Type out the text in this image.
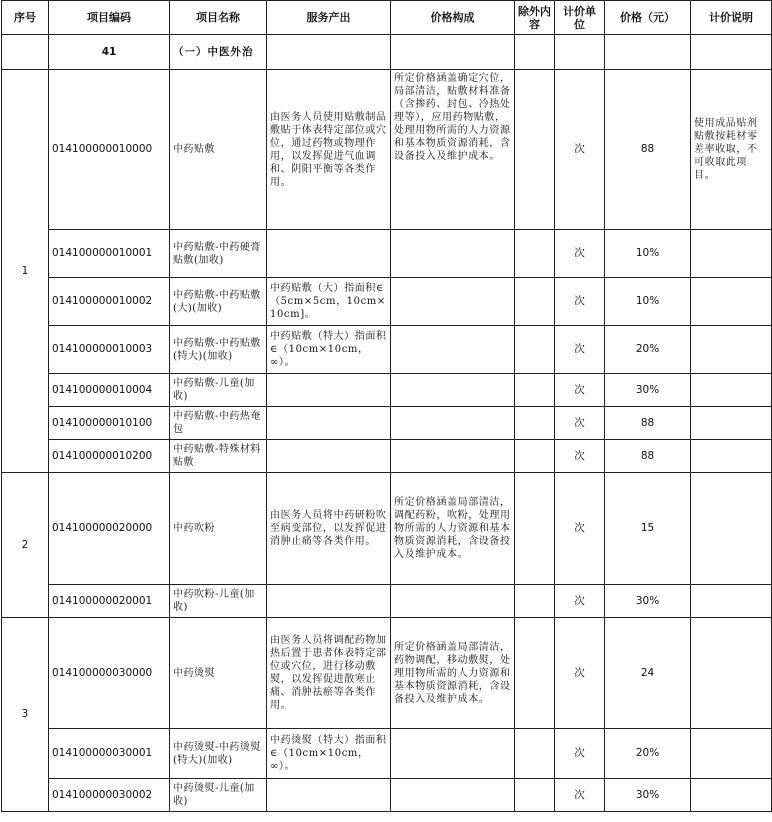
序号	项目编码	项目名称	服务产出	价格构成	除外内容	计价单位	价格（元）	计价说明
	41	（一）中医外治						
1	014100000010000	中药贴敷	由医务人员使用贴敷制品敷贴于体表特定部位或穴位，通过药物或物理作用，以发挥促进气血调和、阴阳平衡等各类作用。	所定价格涵盖确定穴位，局部清洁，贴敷材料准备（含掺药、封包、冷热处理等），应用药物贴敷，处理用物所需的人力资源和基本物质资源消耗，含设备投入及维护成本。		次	88	使用成品贴剂贴敷按耗材零差率收取，不可收取此项目。
	014100000010001	中药贴敷-中药硬膏贴敷(加收)				次	10%	
	014100000010002	中药贴敷-中药贴敷(大)(加收)	中药贴敷（大）指面积∈（5cm×5cm，10cm×10cm]。			次	10%	
	014100000010003	中药贴敷-中药贴敷(特大)(加收)	中药贴敷（特大）指面积∈（10cm×10cm，∞）。			次	20%	
	014100000010004	中药贴敷-儿童(加收)				次	30%	
	014100000010100	中药贴敷-中药热奄包				次	88	
	014100000010200	中药贴敷-特殊材料贴敷				次	88	
2	014100000020000	中药吹粉	由医务人员将中药研粉吹至病变部位，以发挥促进消肿止痛等各类作用。	所定价格涵盖局部清洁，调配药粉，吹粉，处理用物所需的人力资源和基本物质资源消耗，含设备投入及维护成本。		次	15	
	014100000020001	中药吹粉-儿童(加收)				次	30%	
3	014100000030000	中药烫熨	由医务人员将调配药物加热后置于患者体表特定部位或穴位，进行移动敷熨，以发挥促进散寒止痛、消肿祛瘀等各类作用。	所定价格涵盖局部清洁，药物调配，移动敷熨，处理用物所需的人力资源和基本物质资源消耗，含设备投入及维护成本。		次	24	
	014100000030001	中药烫熨-中药烫熨(特大)(加收)	中药烫熨（特大）指面积∈（10cm×10cm，∞）。			次	20%	
	014100000030002	中药烫熨-儿童(加收)				次	30%	
